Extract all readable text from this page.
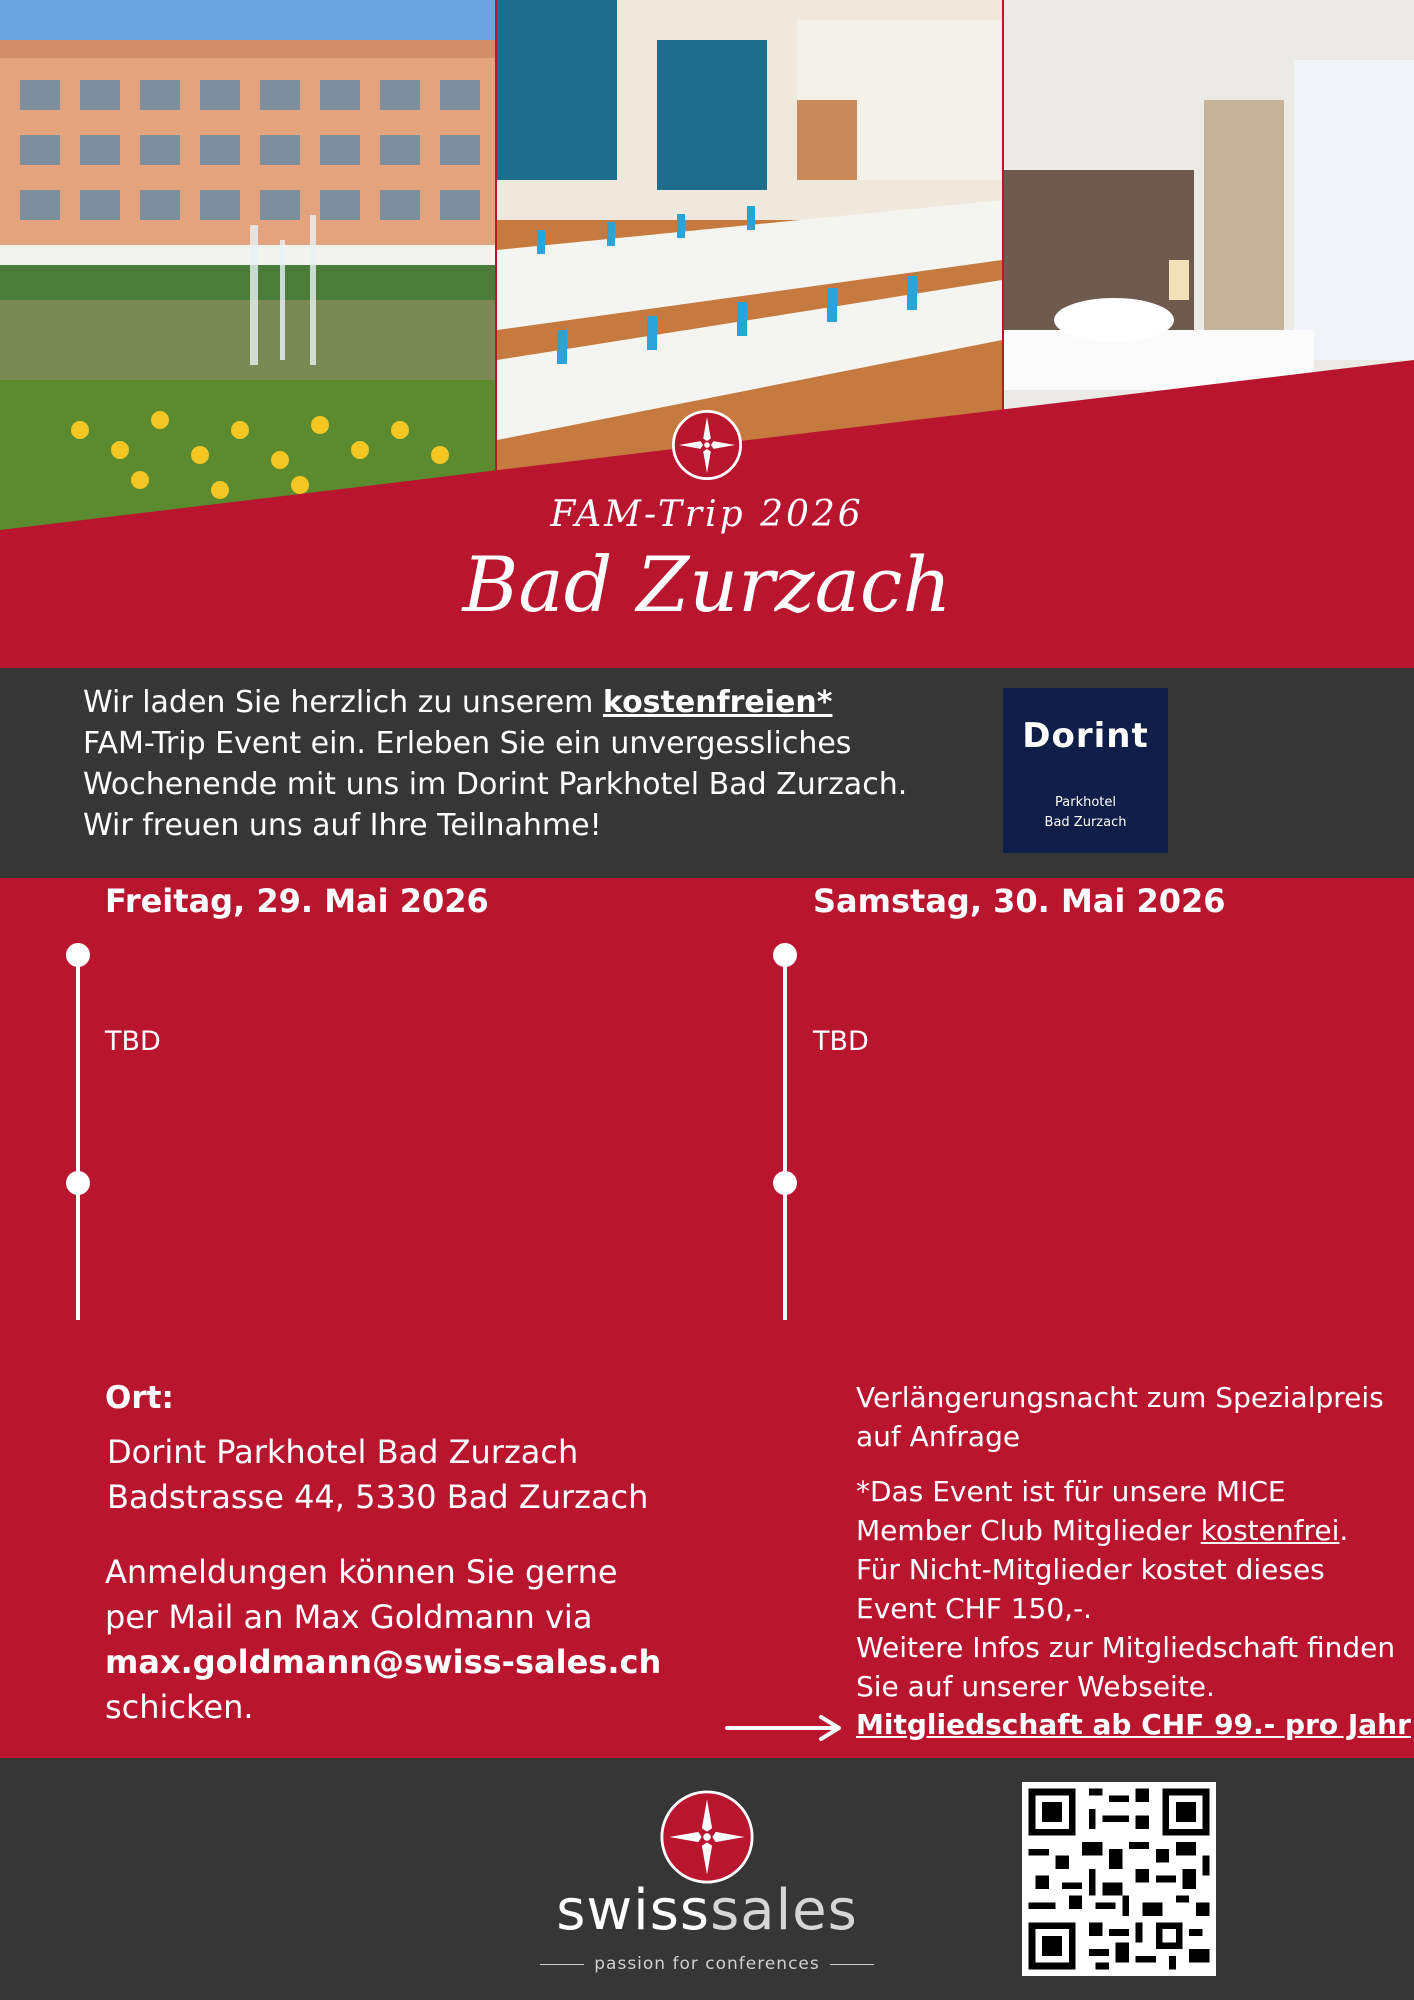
FAM-Trip 2026
Bad Zurzach
Wir laden Sie herzlich zu unserem kostenfreien* FAM-Trip Event ein. Erleben Sie ein unvergessliches Wochenende mit uns im Dorint Parkhotel Bad Zurzach. Wir freuen uns auf Ihre Teilnahme!
Dorint
Parkhotel
Bad Zurzach
Freitag, 29. Mai 2026	Samstag, 30. Mai 2026
TBD	TBD
Ort:
Dorint Parkhotel Bad Zurzach
Badstrasse 44, 5330 Bad Zurzach
Anmeldungen können Sie gerne per Mail an Max Goldmann via max.goldmann@swiss-sales.ch schicken.

Verlängerungsnacht zum Spezialpreis auf Anfrage

*Das Event ist für unsere MICE Member Club Mitglieder kostenfrei. Für Nicht-Mitglieder kostet dieses Event CHF 150,-.

Weitere Infos zur Mitgliedschaft finden Sie auf unserer Webseite.

Mitgliedschaft ab CHF 99.- pro Jahr
swisssales
passion for conferences
